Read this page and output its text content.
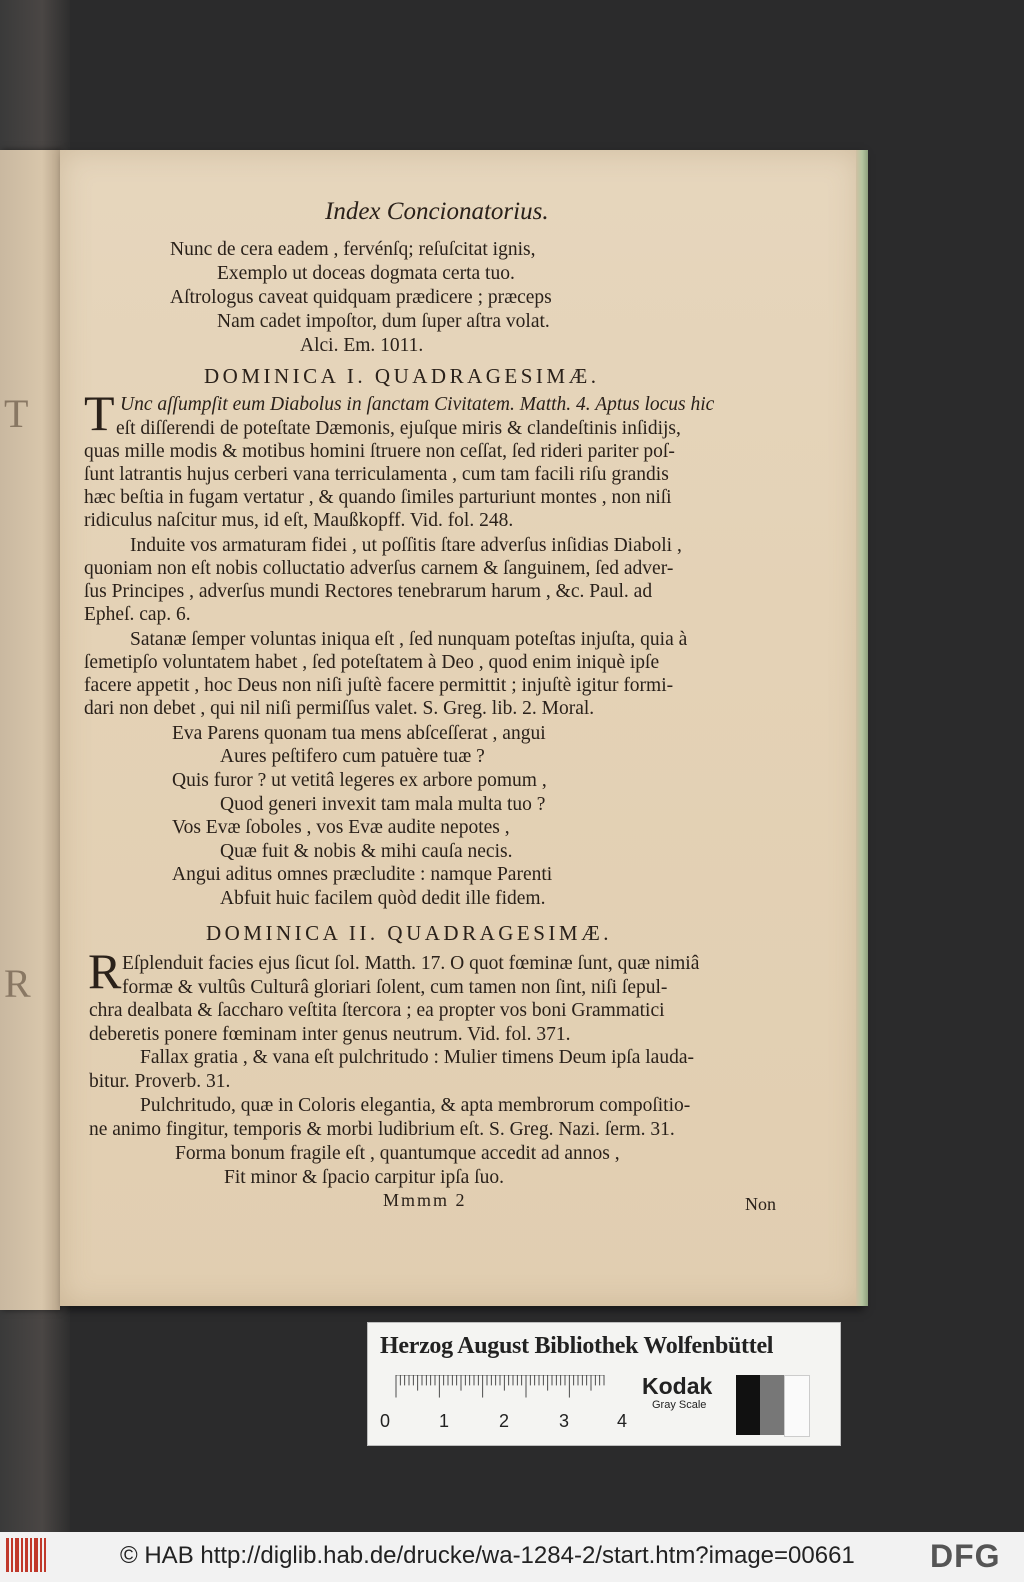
T
R
Index Concionatorius.
Nunc de cera eadem , fervénſq; reſuſcitat ignis,
Exemplo ut doceas dogmata certa tuo.
Aſtrologus caveat quidquam prædicere ; præceps
Nam cadet impoſtor, dum ſuper aſtra volat.
Alci. Em. 1011.
DOMINICA I. QUADRAGESIMÆ.
T Unc aſſumpſit eum Diabolus in ſanctam Civitatem. Matth. 4. Aptus locus hic
eſt diſſerendi de poteſtate Dæmonis, ejuſque miris & clandeſtinis inſidijs,
quas mille modis & motibus homini ſtruere non ceſſat, ſed rideri pariter poſ-
ſunt latrantis hujus cerberi vana terriculamenta , cum tam facili riſu grandis
hæc beſtia in fugam vertatur , & quando ſimiles parturiunt montes , non niſi
ridiculus naſcitur mus, id eſt, Maußkopff. Vid. fol. 248.
Induite vos armaturam fidei , ut poſſitis ſtare adverſus inſidias Diaboli ,
quoniam non eſt nobis colluctatio adverſus carnem & ſanguinem, ſed adver-
ſus Principes , adverſus mundi Rectores tenebrarum harum , &c. Paul. ad
Epheſ. cap. 6.
Satanæ ſemper voluntas iniqua eſt , ſed nunquam poteſtas injuſta, quia à
ſemetipſo voluntatem habet , ſed poteſtatem à Deo , quod enim iniquè ipſe
facere appetit , hoc Deus non niſi juſtè facere permittit ; injuſtè igitur formi-
dari non debet , qui nil niſi permiſſus valet. S. Greg. lib. 2. Moral.
Eva Parens quonam tua mens abſceſſerat , angui
Aures peſtifero cum patuère tuæ ?
Quis furor ? ut vetitâ legeres ex arbore pomum ,
Quod generi invexit tam mala multa tuo ?
Vos Evæ ſoboles , vos Evæ audite nepotes ,
Quæ fuit & nobis & mihi cauſa necis.
Angui aditus omnes præcludite : namque Parenti
Abfuit huic facilem quòd dedit ille fidem.
DOMINICA II. QUADRAGESIMÆ.
R Eſplenduit facies ejus ſicut ſol. Matth. 17. O quot fœminæ ſunt, quæ nimiâ
formæ & vultûs Culturâ gloriari ſolent, cum tamen non ſint, niſi ſepul-
chra dealbata & ſaccharo veſtita ſtercora ; ea propter vos boni Grammatici
deberetis ponere fœminam inter genus neutrum. Vid. fol. 371.
Fallax gratia , & vana eſt pulchritudo : Mulier timens Deum ipſa lauda-
bitur. Proverb. 31.
Pulchritudo, quæ in Coloris elegantia, & apta membrorum compoſitio-
ne animo fingitur, temporis & morbi ludibrium eſt. S. Greg. Nazi. ſerm. 31.
Forma bonum fragile eſt , quantumque accedit ad annos ,
Fit minor & ſpacio carpitur ipſa ſuo.
Mmmm 2	Non
Herzog August Bibliothek Wolfenbüttel
0	1	2	3	4
Kodak
Gray Scale
© HAB http://diglib.hab.de/drucke/wa-1284-2/start.htm?image=00661 DFG
